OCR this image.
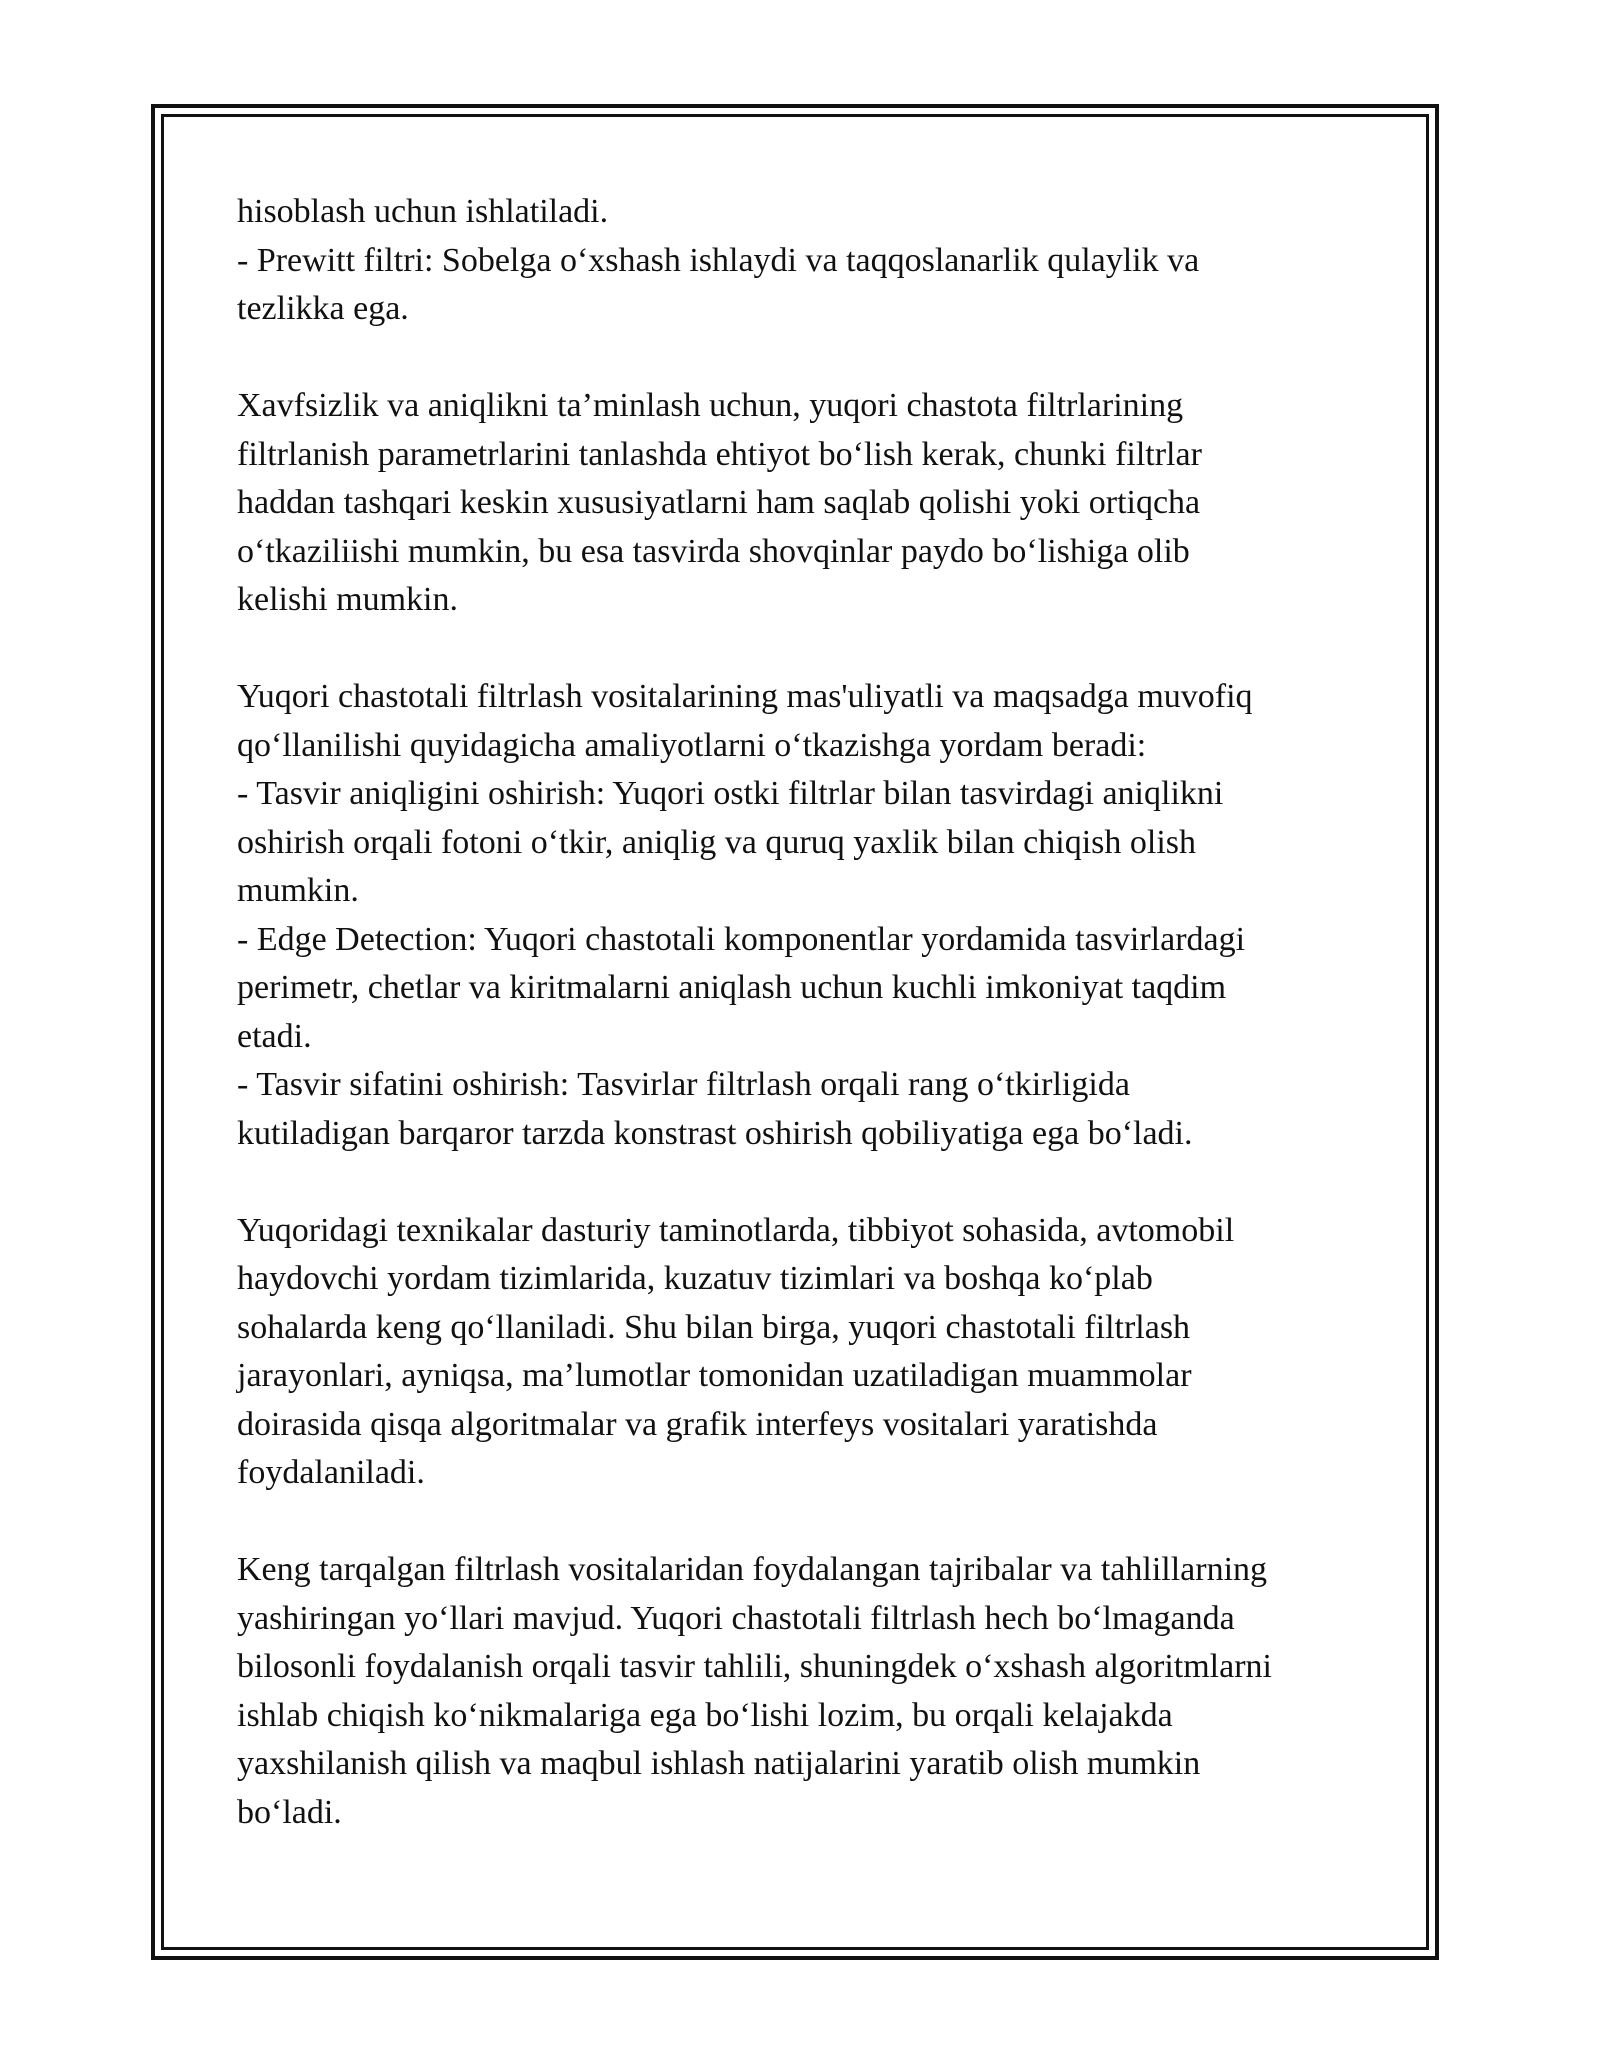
hisoblash uchun ishlatiladi.
- Prewitt filtri: Sobelga o‘xshash ishlaydi va taqqoslanarlik qulaylik va
tezlikka ega.
Xavfsizlik va aniqlikni ta’minlash uchun, yuqori chastota filtrlarining
filtrlanish parametrlarini tanlashda ehtiyot bo‘lish kerak, chunki filtrlar
haddan tashqari keskin xususiyatlarni ham saqlab qolishi yoki ortiqcha
o‘tkaziliishi mumkin, bu esa tasvirda shovqinlar paydo bo‘lishiga olib
kelishi mumkin.
Yuqori chastotali filtrlash vositalarining mas'uliyatli va maqsadga muvofiq
qo‘llanilishi quyidagicha amaliyotlarni o‘tkazishga yordam beradi:
- Tasvir aniqligini oshirish: Yuqori ostki filtrlar bilan tasvirdagi aniqlikni
oshirish orqali fotoni o‘tkir, aniqlig va quruq yaxlik bilan chiqish olish
mumkin.
- Edge Detection: Yuqori chastotali komponentlar yordamida tasvirlardagi
perimetr, chetlar va kiritmalarni aniqlash uchun kuchli imkoniyat taqdim
etadi.
- Tasvir sifatini oshirish: Tasvirlar filtrlash orqali rang o‘tkirligida
kutiladigan barqaror tarzda konstrast oshirish qobiliyatiga ega bo‘ladi.
Yuqoridagi texnikalar dasturiy taminotlarda, tibbiyot sohasida, avtomobil
haydovchi yordam tizimlarida, kuzatuv tizimlari va boshqa ko‘plab
sohalarda keng qo‘llaniladi. Shu bilan birga, yuqori chastotali filtrlash
jarayonlari, ayniqsa, ma’lumotlar tomonidan uzatiladigan muammolar
doirasida qisqa algoritmalar va grafik interfeys vositalari yaratishda
foydalaniladi.
Keng tarqalgan filtrlash vositalaridan foydalangan tajribalar va tahlillarning
yashiringan yo‘llari mavjud. Yuqori chastotali filtrlash hech bo‘lmaganda
bilosonli foydalanish orqali tasvir tahlili, shuningdek o‘xshash algoritmlarni
ishlab chiqish ko‘nikmalariga ega bo‘lishi lozim, bu orqali kelajakda
yaxshilanish qilish va maqbul ishlash natijalarini yaratib olish mumkin
bo‘ladi.
